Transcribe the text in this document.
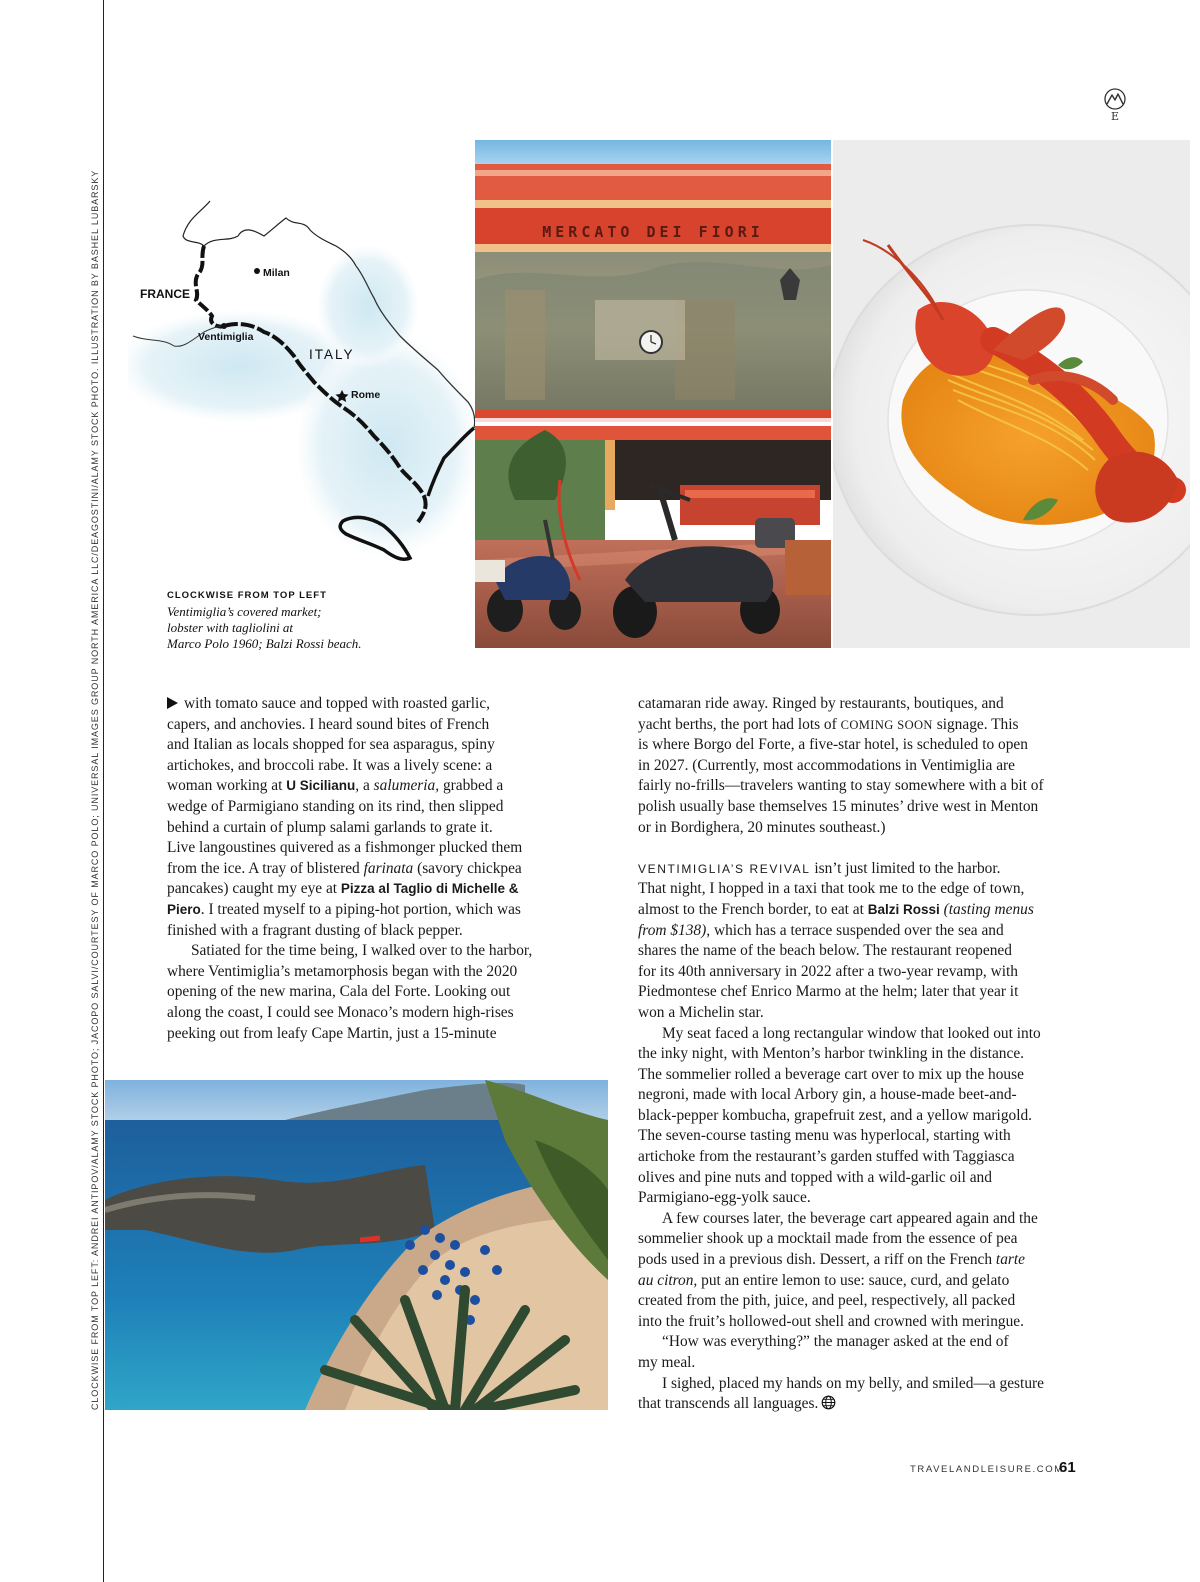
CLOCKWISE FROM TOP LEFT: ANDREI ANTIPOV/ALAMY STOCK PHOTO; JACOPO SALVI/COURTESY OF MARCO POLO; UNIVERSAL IMAGES GROUP NORTH AMERICA LLC/DEAGOSTINI/ALAMY STOCK PHOTO. ILLUSTRATION BY BASHEL LUBARSKY
E
FRANCE
Milan
Ventimiglia
ITALY
Rome
MERCATO DEI FIORI
CLOCKWISE FROM TOP LEFT
Ventimiglia’s covered market;
lobster with tagliolini at
Marco Polo 1960; Balzi Rossi beach.
with tomato sauce and topped with roasted garlic,
capers, and anchovies. I heard sound bites of French
and Italian as locals shopped for sea asparagus, spiny
artichokes, and broccoli rabe. It was a lively scene: a
woman working at U Sicilianu, a salumeria, grabbed a
wedge of Parmigiano standing on its rind, then slipped
behind a curtain of plump salami garlands to grate it.
Live langoustines quivered as a fishmonger plucked them
from the ice. A tray of blistered farinata (savory chickpea
pancakes) caught my eye at Pizza al Taglio di Michelle &
Piero. I treated myself to a piping-hot portion, which was
finished with a fragrant dusting of black pepper.
Satiated for the time being, I walked over to the harbor,
where Ventimiglia’s metamorphosis began with the 2020
opening of the new marina, Cala del Forte. Looking out
along the coast, I could see Monaco’s modern high-rises
peeking out from leafy Cape Martin, just a 15-minute
catamaran ride away. Ringed by restaurants, boutiques, and
yacht berths, the port had lots of COMING SOON signage. This
is where Borgo del Forte, a five-star hotel, is scheduled to open
in 2027. (Currently, most accommodations in Ventimiglia are
fairly no-frills—travelers wanting to stay somewhere with a bit of
polish usually base themselves 15 minutes’ drive west in Menton
or in Bordighera, 20 minutes southeast.)
VENTIMIGLIA’S REVIVAL isn’t just limited to the harbor.
That night, I hopped in a taxi that took me to the edge of town,
almost to the French border, to eat at Balzi Rossi (tasting menus
from $138), which has a terrace suspended over the sea and
shares the name of the beach below. The restaurant reopened
for its 40th anniversary in 2022 after a two-year revamp, with
Piedmontese chef Enrico Marmo at the helm; later that year it
won a Michelin star.
My seat faced a long rectangular window that looked out into
the inky night, with Menton’s harbor twinkling in the distance.
The sommelier rolled a beverage cart over to mix up the house
negroni, made with local Arbory gin, a house-made beet-and-
black-pepper kombucha, grapefruit zest, and a yellow marigold.
The seven-course tasting menu was hyperlocal, starting with
artichoke from the restaurant’s garden stuffed with Taggiasca
olives and pine nuts and topped with a wild-garlic oil and
Parmigiano-egg-yolk sauce.
A few courses later, the beverage cart appeared again and the
sommelier shook up a mocktail made from the essence of pea
pods used in a previous dish. Dessert, a riff on the French tarte
au citron, put an entire lemon to use: sauce, curd, and gelato
created from the pith, juice, and peel, respectively, all packed
into the fruit’s hollowed-out shell and crowned with meringue.
“How was everything?” the manager asked at the end of
my meal.
I sighed, placed my hands on my belly, and smiled—a gesture
that transcends all languages.
TRAVELANDLEISURE.COM
61
